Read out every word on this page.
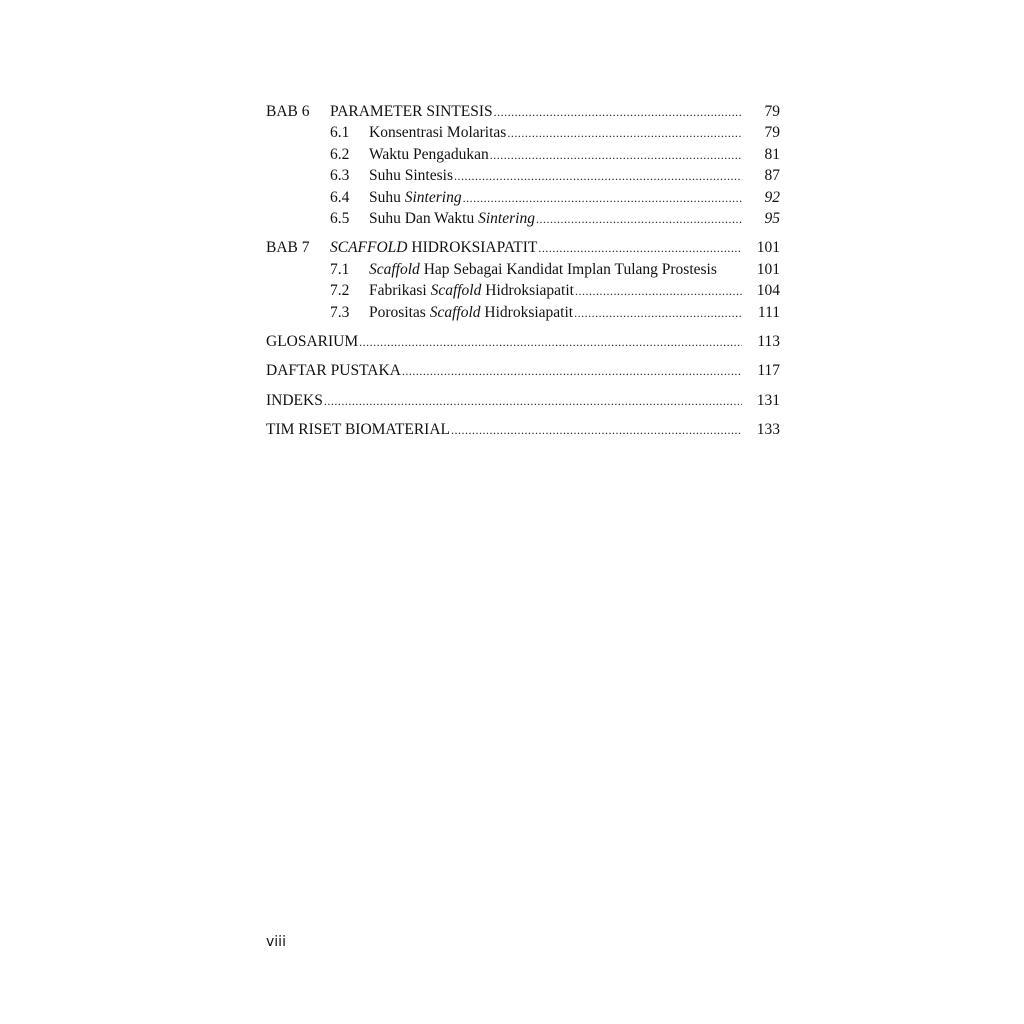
BAB 6	PARAMETER SINTESIS .....	79
6.1	Konsentrasi Molaritas .....	79
6.2	Waktu Pengadukan .....	81
6.3	Suhu Sintesis .....	87
6.4	Suhu Sintering .....	92
6.5	Suhu Dan Waktu Sintering .....	95
BAB 7	SCAFFOLD HIDROKSIAPATIT .....	101
7.1	Scaffold Hap Sebagai Kandidat Implan Tulang Prostesis	101
7.2	Fabrikasi Scaffold Hidroksiapatit .....	104
7.3	Porositas Scaffold Hidroksiapatit .....	111
GLOSARIUM .....	113
DAFTAR PUSTAKA .....	117
INDEKS .....	131
TIM RISET BIOMATERIAL .....	133
viii
